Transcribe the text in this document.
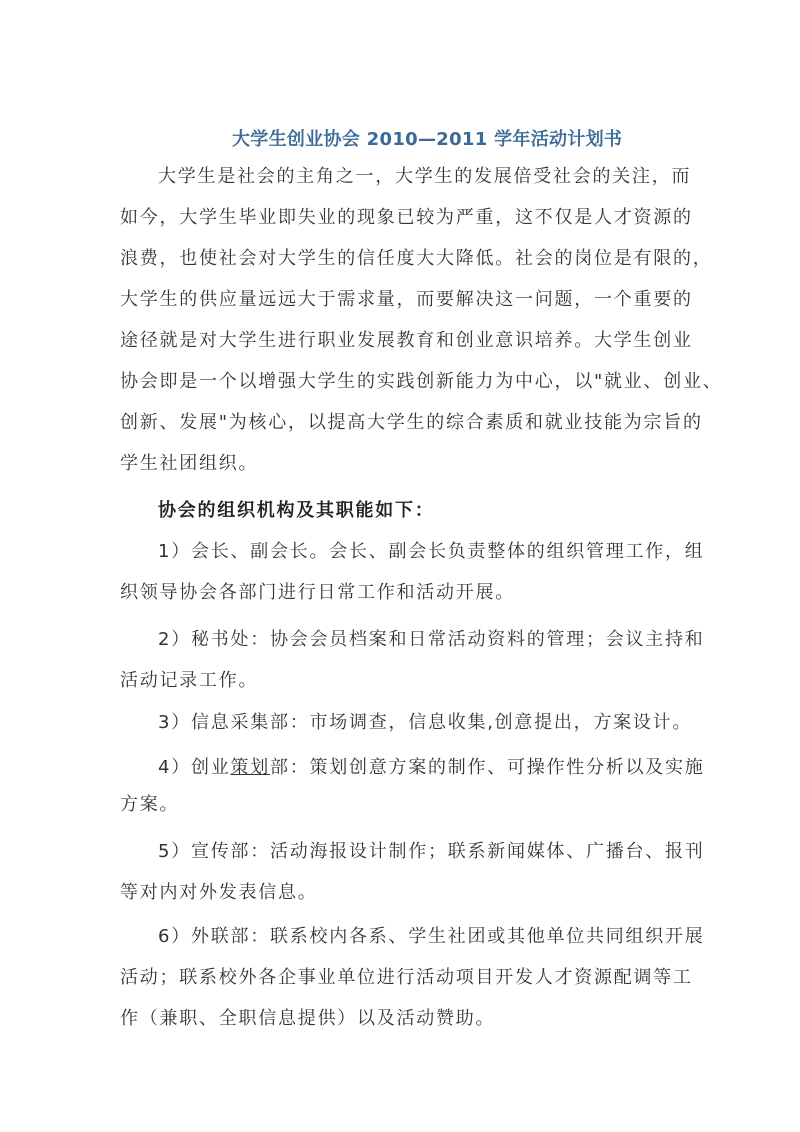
大学生创业协会 2010—2011 学年活动计划书
大学生是社会的主角之一，大学生的发展倍受社会的关注，而
如今，大学生毕业即失业的现象已较为严重，这不仅是人才资源的
浪费，也使社会对大学生的信任度大大降低。社会的岗位是有限的，
大学生的供应量远远大于需求量，而要解决这一问题，一个重要的
途径就是对大学生进行职业发展教育和创业意识培养。大学生创业
协会即是一个以增强大学生的实践创新能力为中心，以"就业、创业、
创新、发展"为核心，以提高大学生的综合素质和就业技能为宗旨的
学生社团组织。
协会的组织机构及其职能如下：
1）会长、副会长。会长、副会长负责整体的组织管理工作，组
织领导协会各部门进行日常工作和活动开展。
2）秘书处：协会会员档案和日常活动资料的管理；会议主持和
活动记录工作。
3）信息采集部：市场调查，信息收集,创意提出，方案设计。
4）创业策划部：策划创意方案的制作、可操作性分析以及实施
方案。
5）宣传部：活动海报设计制作；联系新闻媒体、广播台、报刊
等对内对外发表信息。
6）外联部：联系校内各系、学生社团或其他单位共同组织开展
活动；联系校外各企事业单位进行活动项目开发人才资源配调等工
作（兼职、全职信息提供）以及活动赞助。
